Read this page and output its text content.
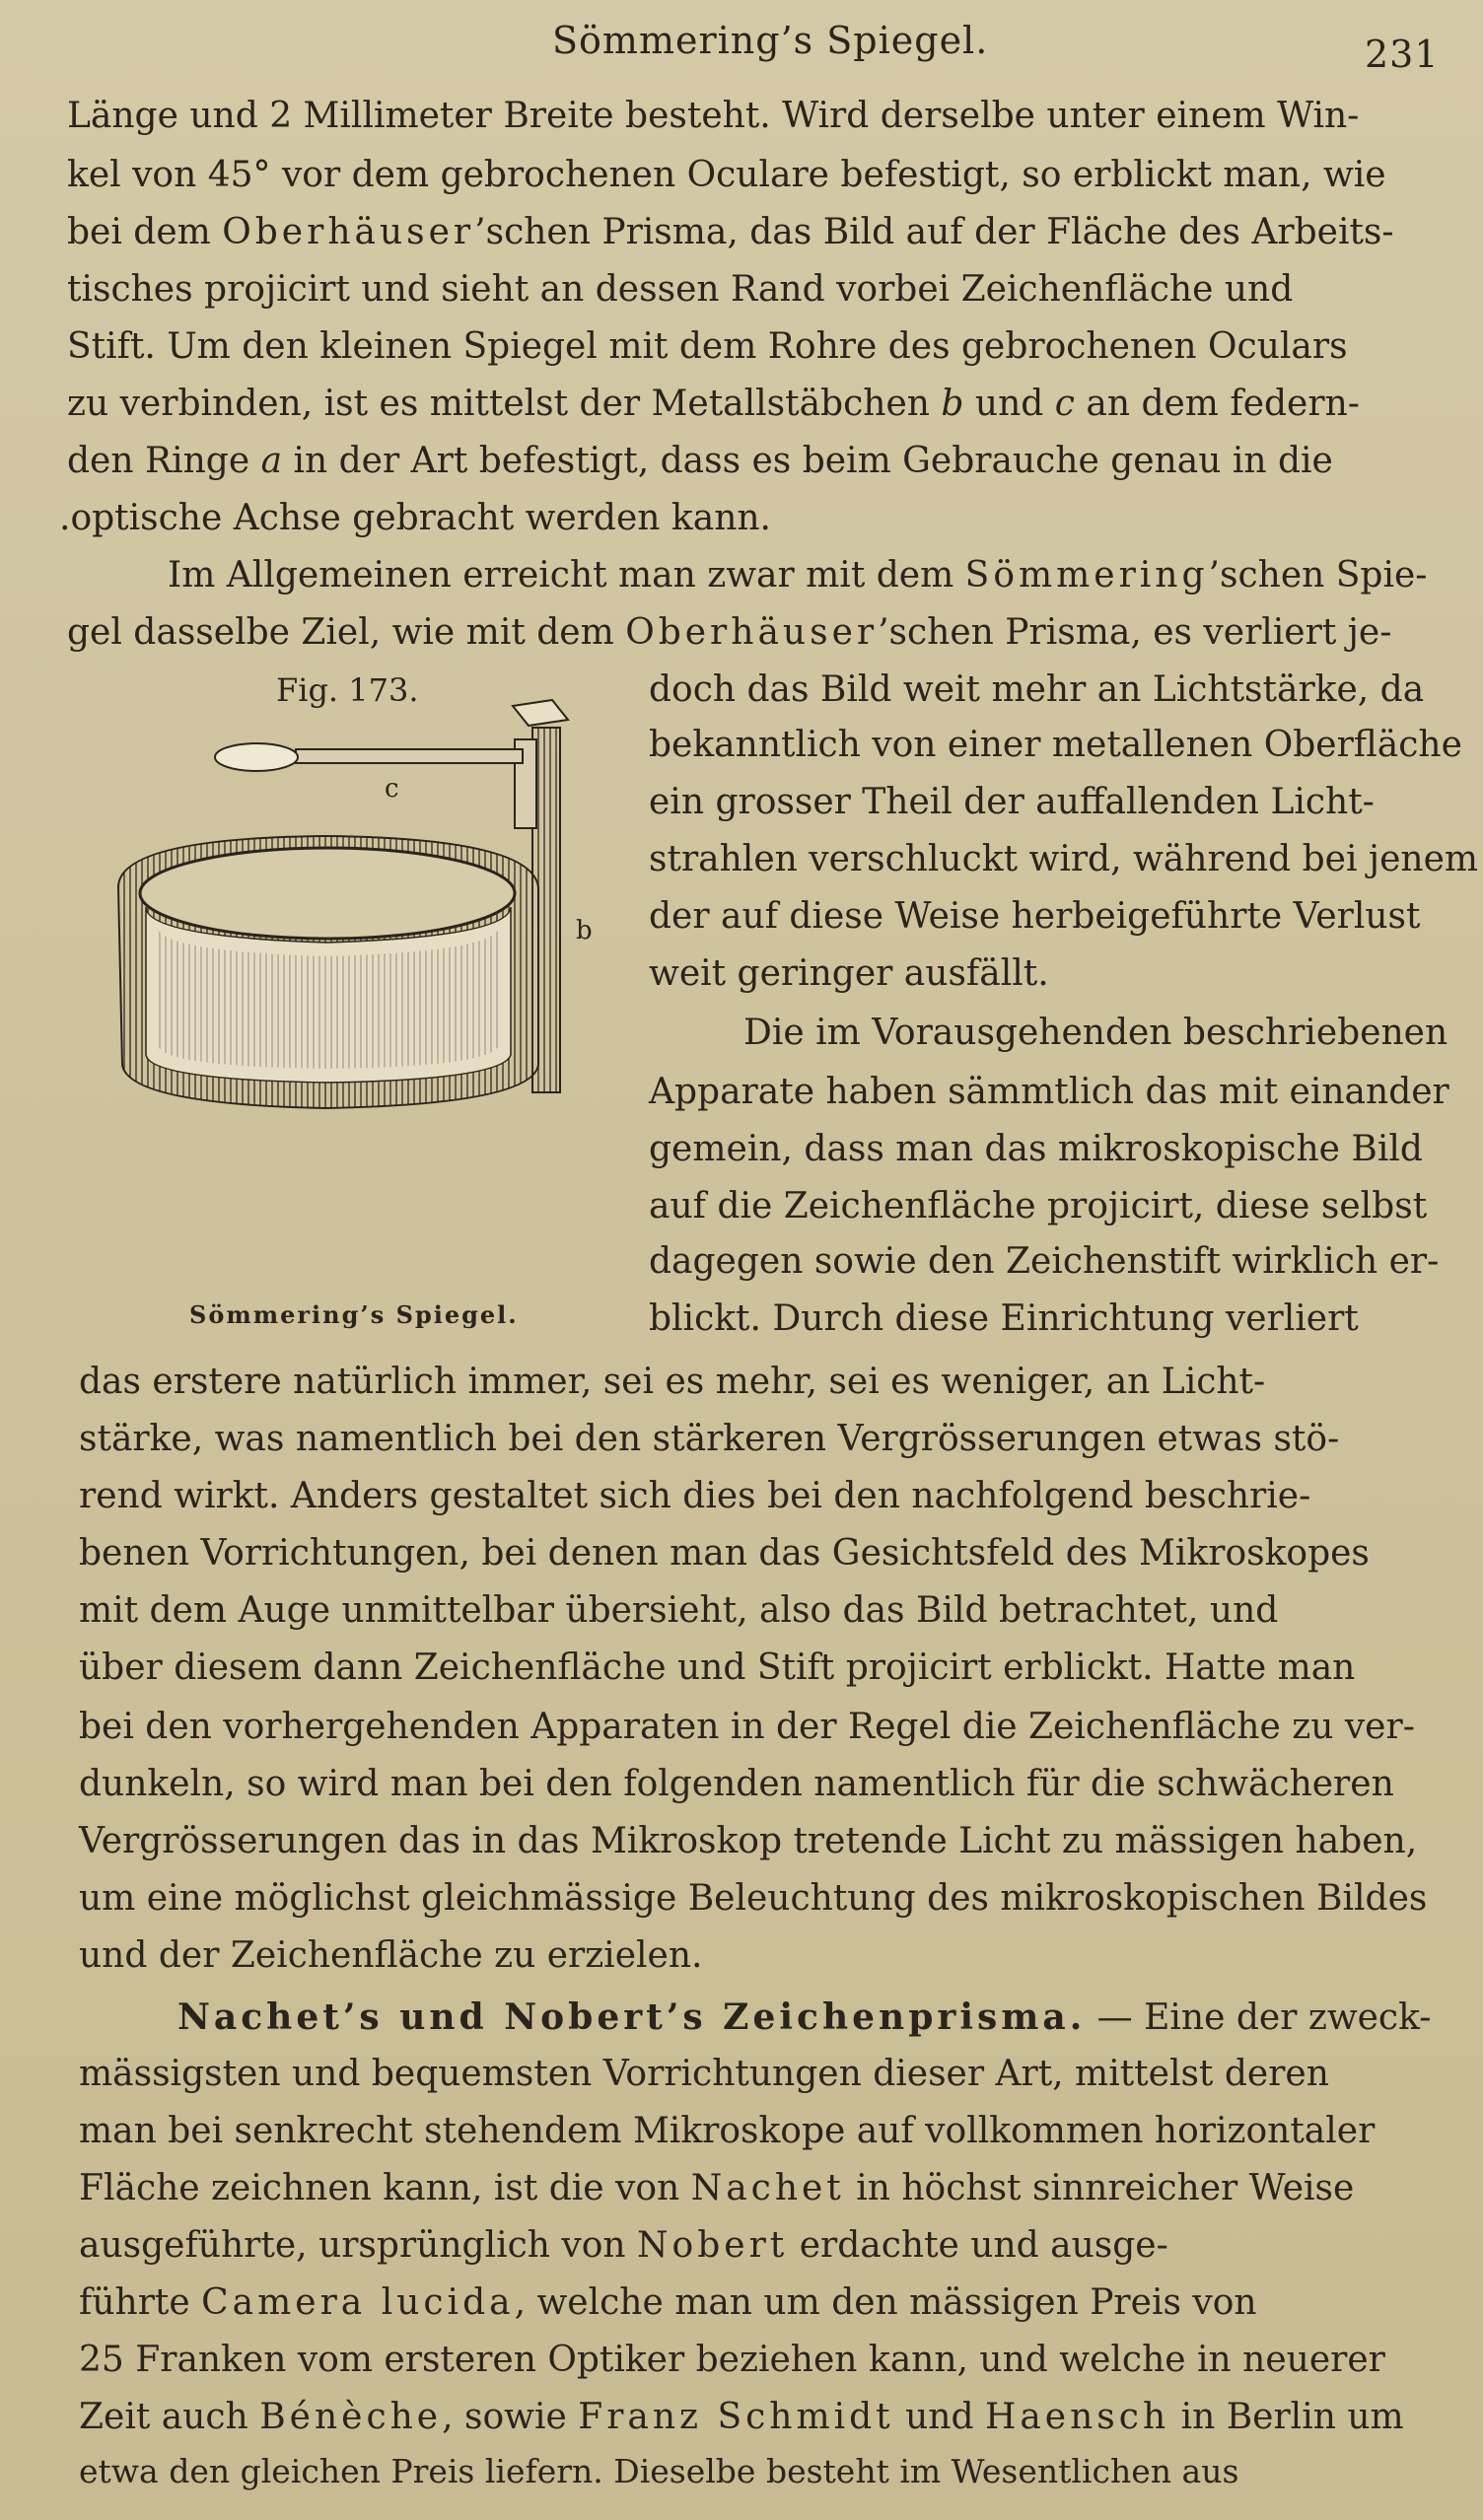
Sömmering’s Spiegel.	231
Länge und 2 Millimeter Breite besteht. Wird derselbe unter einem Win-
kel von 45° vor dem gebrochenen Oculare befestigt, so erblickt man, wie
bei dem Oberhäuser’schen Prisma, das Bild auf der Fläche des Arbeits-
tisches projicirt und sieht an dessen Rand vorbei Zeichenfläche und
Stift. Um den kleinen Spiegel mit dem Rohre des gebrochenen Oculars
zu verbinden, ist es mittelst der Metallstäbchen b und c an dem federn-
den Ringe a in der Art befestigt, dass es beim Gebrauche genau in die
.optische Achse gebracht werden kann.
Im Allgemeinen erreicht man zwar mit dem Sömmering’schen Spie-
gel dasselbe Ziel, wie mit dem Oberhäuser’schen Prisma, es verliert je-
Fig. 173.	doch das Bild weit mehr an Lichtstärke, da
bekanntlich von einer metallenen Oberfläche
ein grosser Theil der auffallenden Licht-
strahlen verschluckt wird, während bei jenem
der auf diese Weise herbeigeführte Verlust
weit geringer ausfällt.
Die im Vorausgehenden beschriebenen
Apparate haben sämmtlich das mit einander
gemein, dass man das mikroskopische Bild
auf die Zeichenfläche projicirt, diese selbst
dagegen sowie den Zeichenstift wirklich er-
blickt. Durch diese Einrichtung verliert
Sömmering’s Spiegel.
das erstere natürlich immer, sei es mehr, sei es weniger, an Licht-
stärke, was namentlich bei den stärkeren Vergrösserungen etwas stö-
rend wirkt. Anders gestaltet sich dies bei den nachfolgend beschrie-
benen Vorrichtungen, bei denen man das Gesichtsfeld des Mikroskopes
mit dem Auge unmittelbar übersieht, also das Bild betrachtet, und
über diesem dann Zeichenfläche und Stift projicirt erblickt. Hatte man
bei den vorhergehenden Apparaten in der Regel die Zeichenfläche zu ver-
dunkeln, so wird man bei den folgenden namentlich für die schwächeren
Vergrösserungen das in das Mikroskop tretende Licht zu mässigen haben,
um eine möglichst gleichmässige Beleuchtung des mikroskopischen Bildes
und der Zeichenfläche zu erzielen.
Nachet’s und Nobert’s Zeichenprisma. — Eine der zweck-
mässigsten und bequemsten Vorrichtungen dieser Art, mittelst deren
man bei senkrecht stehendem Mikroskope auf vollkommen horizontaler
Fläche zeichnen kann, ist die von Nachet in höchst sinnreicher Weise
ausgeführte, ursprünglich von Nobert erdachte und ausge-
führte Camera lucida, welche man um den mässigen Preis von
25 Franken vom ersteren Optiker beziehen kann, und welche in neuerer
Zeit auch Bénèche, sowie Franz Schmidt und Haensch in Berlin um
etwa den gleichen Preis liefern. Dieselbe besteht im Wesentlichen aus
c
b
